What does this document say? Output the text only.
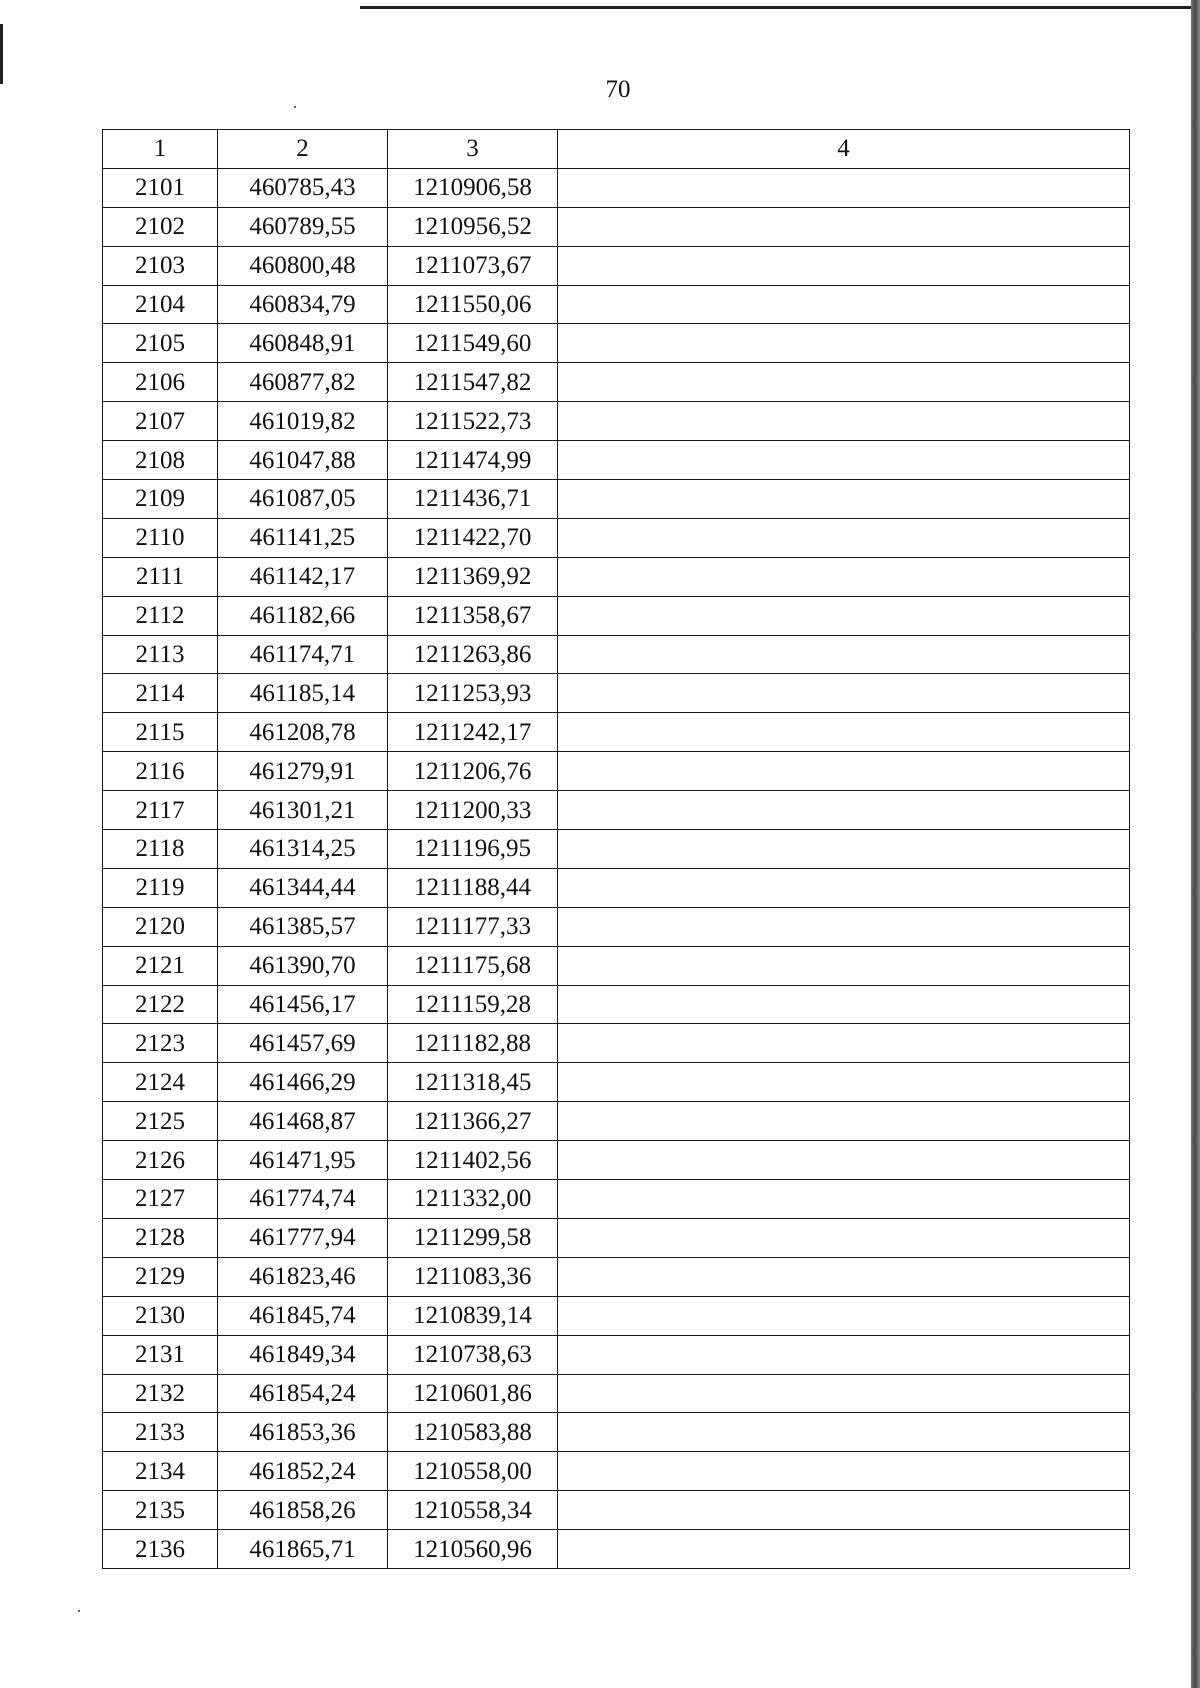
70
1	2	3	4
2101	460785,43	1210906,58	
2102	460789,55	1210956,52	
2103	460800,48	1211073,67	
2104	460834,79	1211550,06	
2105	460848,91	1211549,60	
2106	460877,82	1211547,82	
2107	461019,82	1211522,73	
2108	461047,88	1211474,99	
2109	461087,05	1211436,71	
2110	461141,25	1211422,70	
2111	461142,17	1211369,92	
2112	461182,66	1211358,67	
2113	461174,71	1211263,86	
2114	461185,14	1211253,93	
2115	461208,78	1211242,17	
2116	461279,91	1211206,76	
2117	461301,21	1211200,33	
2118	461314,25	1211196,95	
2119	461344,44	1211188,44	
2120	461385,57	1211177,33	
2121	461390,70	1211175,68	
2122	461456,17	1211159,28	
2123	461457,69	1211182,88	
2124	461466,29	1211318,45	
2125	461468,87	1211366,27	
2126	461471,95	1211402,56	
2127	461774,74	1211332,00	
2128	461777,94	1211299,58	
2129	461823,46	1211083,36	
2130	461845,74	1210839,14	
2131	461849,34	1210738,63	
2132	461854,24	1210601,86	
2133	461853,36	1210583,88	
2134	461852,24	1210558,00	
2135	461858,26	1210558,34	
2136	461865,71	1210560,96	
